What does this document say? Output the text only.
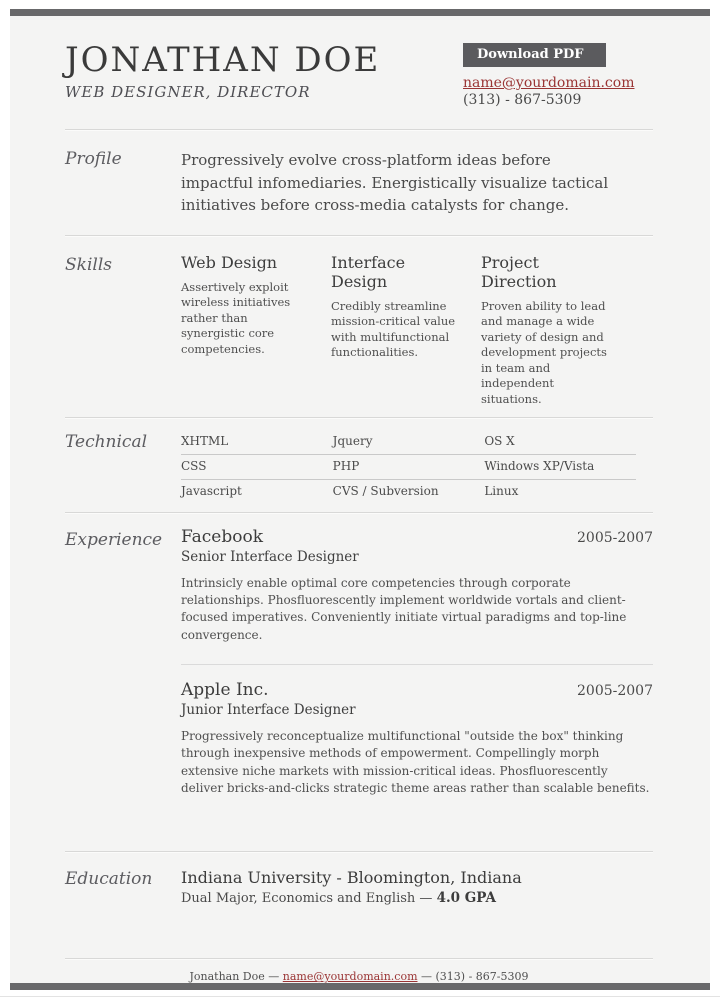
JONATHAN DOE
WEB DESIGNER, DIRECTOR
Download PDF name@yourdomain.com
(313) - 867-5309
Profile	Progressively evolve cross-platform ideas before impactful infomediaries. Energistically visualize tactical initiatives before cross-media catalysts for change.

Skills	Web Design

Assertively exploit wireless initiatives rather than synergistic core competencies.

Interface Design

Credibly streamline mission-critical value with multifunctional functionalities.

Project Direction

Proven ability to lead and manage a wide variety of design and development projects in team and independent situations.

Technical	XHTML	Jquery	OS X
CSS	PHP	Windows XP/Vista
Javascript	CVS / Subversion	Linux
Experience	Facebook
Senior Interface Designer
2005-2007

Intrinsicly enable optimal core competencies through corporate relationships. Phosfluorescently implement worldwide vortals and client-focused imperatives. Conveniently initiate virtual paradigms and top-line convergence.

Apple Inc.
Junior Interface Designer
2005-2007

Progressively reconceptualize multifunctional "outside the box" thinking through inexpensive methods of empowerment. Compellingly morph extensive niche markets with mission-critical ideas. Phosfluorescently deliver bricks-and-clicks strategic theme areas rather than scalable benefits.

Education	Indiana University - Bloomington, Indiana
Dual Major, Economics and English — 4.0 GPA
Jonathan Doe — name@yourdomain.com — (313) - 867-5309
